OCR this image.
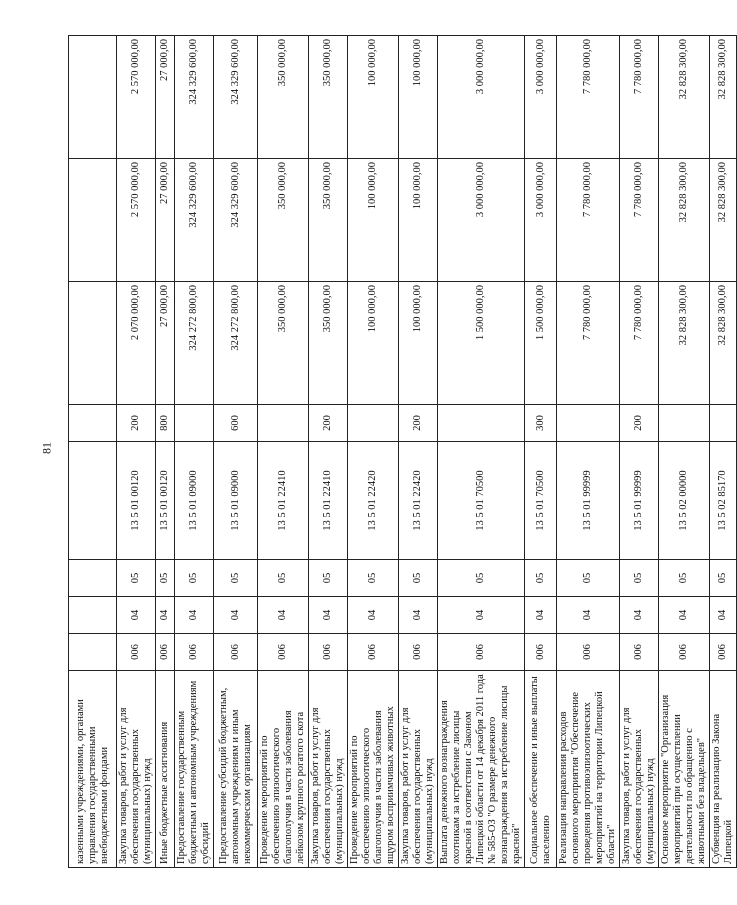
81
казенными учреждениями, органами управления государственными внебюджетными фондами								
Закупка товаров, работ и услуг для обеспечения государственных (муниципальных) нужд	006	04	05	13 5 01 00120	200	2 070 000,00	2 570 000,00	2 570 000,00
Иные бюджетные ассигнования	006	04	05	13 5 01 00120	800	27 000,00	27 000,00	27 000,00
Предоставление государственным бюджетным и автономным учреждениям субсидий	006	04	05	13 5 01 09000		324 272 800,00	324 329 600,00	324 329 600,00
Предоставление субсидий бюджетным, автономным учреждениям и иным некоммерческим организациям	006	04	05	13 5 01 09000	600	324 272 800,00	324 329 600,00	324 329 600,00
Проведение мероприятий по обеспечению эпизоотического благополучия в части заболевания лейкозом крупного рогатого скота	006	04	05	13 5 01 22410		350 000,00	350 000,00	350 000,00
Закупка товаров, работ и услуг для обеспечения государственных (муниципальных) нужд	006	04	05	13 5 01 22410	200	350 000,00	350 000,00	350 000,00
Проведение мероприятий по обеспечению эпизоотического благополучия в части заболевания ящуром восприимчивых животных	006	04	05	13 5 01 22420		100 000,00	100 000,00	100 000,00
Закупка товаров, работ и услуг для обеспечения государственных (муниципальных) нужд	006	04	05	13 5 01 22420	200	100 000,00	100 000,00	100 000,00
Выплата денежного вознаграждения охотникам за истребление лисицы красной в соответствии с Законом Липецкой области от 14 декабря 2011 года № 585-ОЗ "О размере денежного вознаграждения за истребление лисицы красной"	006	04	05	13 5 01 70500		1 500 000,00	3 000 000,00	3 000 000,00
Социальное обеспечение и иные выплаты населению	006	04	05	13 5 01 70500	300	1 500 000,00	3 000 000,00	3 000 000,00
Реализация направления расходов основного мероприятия "Обеспечение проведения противоэпизоотических мероприятий на территории Липецкой области"	006	04	05	13 5 01 99999		7 780 000,00	7 780 000,00	7 780 000,00
Закупка товаров, работ и услуг для обеспечения государственных (муниципальных) нужд	006	04	05	13 5 01 99999	200	7 780 000,00	7 780 000,00	7 780 000,00
Основное мероприятие "Организация мероприятий при осуществлении деятельности по обращению с животными без владельцев"	006	04	05	13 5 02 00000		32 828 300,00	32 828 300,00	32 828 300,00
Субвенция на реализацию Закона Липецкой	006	04	05	13 5 02 85170		32 828 300,00	32 828 300,00	32 828 300,00
